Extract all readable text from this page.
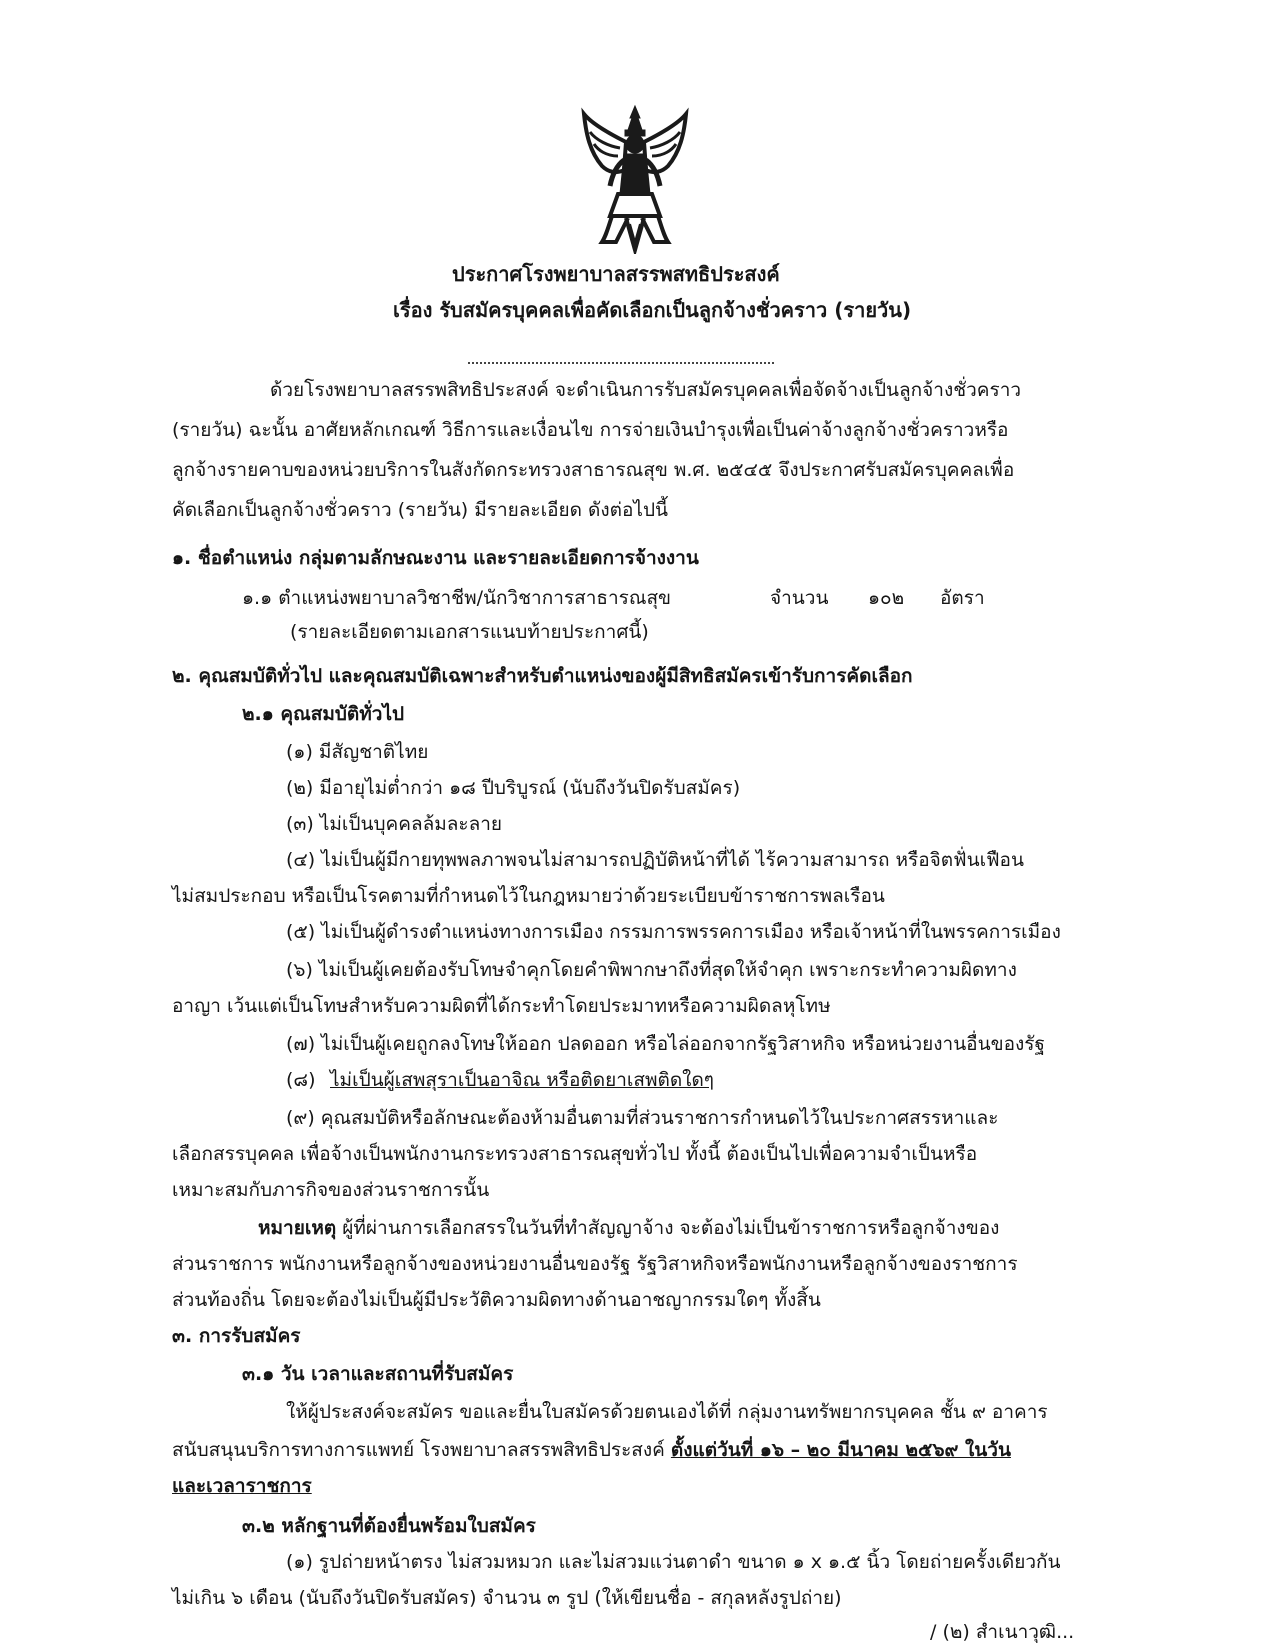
ประกาศโรงพยาบาลสรรพสทธิประสงค์
เรื่อง รับสมัครบุคคลเพื่อคัดเลือกเป็นลูกจ้างชั่วคราว (รายวัน)
ด้วยโรงพยาบาลสรรพสิทธิประสงค์ จะดำเนินการรับสมัครบุคคลเพื่อจัดจ้างเป็นลูกจ้างชั่วคราว
(รายวัน) ฉะนั้น อาศัยหลักเกณฑ์ วิธีการและเงื่อนไข การจ่ายเงินบำรุงเพื่อเป็นค่าจ้างลูกจ้างชั่วคราวหรือ
ลูกจ้างรายคาบของหน่วยบริการในสังกัดกระทรวงสาธารณสุข พ.ศ. ๒๕๔๕ จึงประกาศรับสมัครบุคคลเพื่อ
คัดเลือกเป็นลูกจ้างชั่วคราว (รายวัน) มีรายละเอียด ดังต่อไปนี้
๑. ชื่อตำแหน่ง กลุ่มตามลักษณะงาน และรายละเอียดการจ้างงาน
๑.๑ ตำแหน่งพยาบาลวิชาชีพ/นักวิชาการสาธารณสุข	จำนวน ๑๐๒ อัตรา
(รายละเอียดตามเอกสารแนบท้ายประกาศนี้)
๒. คุณสมบัติทั่วไป และคุณสมบัติเฉพาะสำหรับตำแหน่งของผู้มีสิทธิสมัครเข้ารับการคัดเลือก
๒.๑ คุณสมบัติทั่วไป
(๑) มีสัญชาติไทย
(๒) มีอายุไม่ต่ำกว่า ๑๘ ปีบริบูรณ์ (นับถึงวันปิดรับสมัคร)
(๓) ไม่เป็นบุคคลล้มละลาย
(๔) ไม่เป็นผู้มีกายทุพพลภาพจนไม่สามารถปฏิบัติหน้าที่ได้ ไร้ความสามารถ หรือจิตฟั่นเฟือน
ไม่สมประกอบ หรือเป็นโรคตามที่กำหนดไว้ในกฎหมายว่าด้วยระเบียบข้าราชการพลเรือน
(๕) ไม่เป็นผู้ดำรงตำแหน่งทางการเมือง กรรมการพรรคการเมือง หรือเจ้าหน้าที่ในพรรคการเมือง
(๖) ไม่เป็นผู้เคยต้องรับโทษจำคุกโดยคำพิพากษาถึงที่สุดให้จำคุก เพราะกระทำความผิดทาง
อาญา เว้นแต่เป็นโทษสำหรับความผิดที่ได้กระทำโดยประมาทหรือความผิดลหุโทษ
(๗) ไม่เป็นผู้เคยถูกลงโทษให้ออก ปลดออก หรือไล่ออกจากรัฐวิสาหกิจ หรือหน่วยงานอื่นของรัฐ
(๘) ไม่เป็นผู้เสพสุราเป็นอาจิณ หรือติดยาเสพติดใดๆ
(๙) คุณสมบัติหรือลักษณะต้องห้ามอื่นตามที่ส่วนราชการกำหนดไว้ในประกาศสรรหาและ
เลือกสรรบุคคล เพื่อจ้างเป็นพนักงานกระทรวงสาธารณสุขทั่วไป ทั้งนี้ ต้องเป็นไปเพื่อความจำเป็นหรือ
เหมาะสมกับภารกิจของส่วนราชการนั้น
หมายเหตุ ผู้ที่ผ่านการเลือกสรรในวันที่ทำสัญญาจ้าง จะต้องไม่เป็นข้าราชการหรือลูกจ้างของ
ส่วนราชการ พนักงานหรือลูกจ้างของหน่วยงานอื่นของรัฐ รัฐวิสาหกิจหรือพนักงานหรือลูกจ้างของราชการ
ส่วนท้องถิ่น โดยจะต้องไม่เป็นผู้มีประวัติความผิดทางด้านอาชญากรรมใดๆ ทั้งสิ้น
๓. การรับสมัคร
๓.๑ วัน เวลาและสถานที่รับสมัคร
ให้ผู้ประสงค์จะสมัคร ขอและยื่นใบสมัครด้วยตนเองได้ที่ กลุ่มงานทรัพยากรบุคคล ชั้น ๙ อาคาร
สนับสนุนบริการทางการแพทย์ โรงพยาบาลสรรพสิทธิประสงค์ ตั้งแต่วันที่ ๑๖ – ๒๐ มีนาคม ๒๕๖๙ ในวัน
และเวลาราชการ
๓.๒ หลักฐานที่ต้องยื่นพร้อมใบสมัคร
(๑) รูปถ่ายหน้าตรง ไม่สวมหมวก และไม่สวมแว่นตาดำ ขนาด ๑ x ๑.๕ นิ้ว โดยถ่ายครั้งเดียวกัน
ไม่เกิน ๖ เดือน (นับถึงวันปิดรับสมัคร) จำนวน ๓ รูป (ให้เขียนชื่อ - สกุลหลังรูปถ่าย)
/ (๒) สำเนาวุฒิ...
